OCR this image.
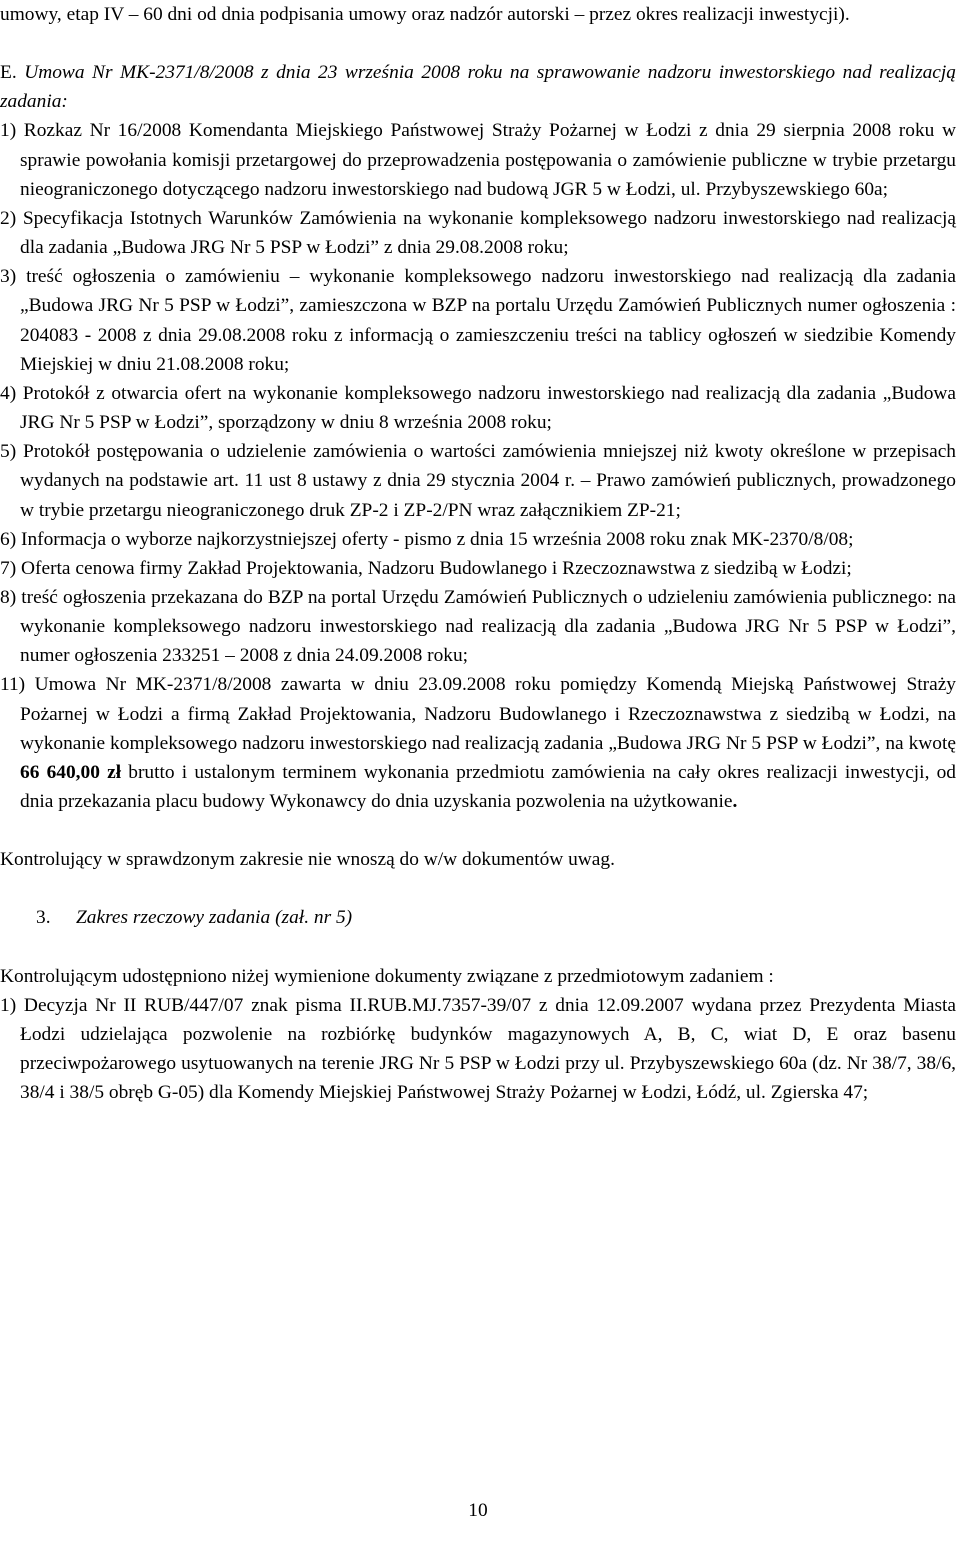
umowy, etap IV – 60 dni od dnia podpisania umowy oraz nadzór autorski – przez okres realizacji inwestycji).

E. Umowa Nr MK-2371/8/2008 z dnia 23 września 2008 roku na sprawowanie nadzoru inwestorskiego nad realizacją zadania:

1) Rozkaz Nr 16/2008 Komendanta Miejskiego Państwowej Straży Pożarnej w Łodzi z dnia 29 sierpnia 2008 roku w sprawie powołania komisji przetargowej do przeprowadzenia postępowania o zamówienie publiczne w trybie przetargu nieograniczonego dotyczącego nadzoru inwestorskiego nad budową JGR 5 w Łodzi, ul. Przybyszewskiego 60a;

2) Specyfikacja Istotnych Warunków Zamówienia na wykonanie kompleksowego nadzoru inwestorskiego nad realizacją dla zadania „Budowa JRG Nr 5 PSP w Łodzi” z dnia 29.08.2008 roku;

3) treść ogłoszenia o zamówieniu – wykonanie kompleksowego nadzoru inwestorskiego nad realizacją dla zadania „Budowa JRG Nr 5 PSP w Łodzi”, zamieszczona w BZP na portalu Urzędu Zamówień Publicznych numer ogłoszenia : 204083 - 2008 z dnia 29.08.2008 roku z informacją o zamieszczeniu treści na tablicy ogłoszeń w siedzibie Komendy Miejskiej w dniu 21.08.2008 roku;

4) Protokół z otwarcia ofert na wykonanie kompleksowego nadzoru inwestorskiego nad realizacją dla zadania „Budowa JRG Nr 5 PSP w Łodzi”, sporządzony w dniu 8 września 2008 roku;

5) Protokół postępowania o udzielenie zamówienia o wartości zamówienia mniejszej niż kwoty określone w przepisach wydanych na podstawie art. 11 ust 8 ustawy z dnia 29 stycznia 2004 r. – Prawo zamówień publicznych, prowadzonego w trybie przetargu nieograniczonego druk ZP-2 i ZP-2/PN wraz załącznikiem ZP-21;

6) Informacja o wyborze najkorzystniejszej oferty - pismo z dnia 15 września 2008 roku znak MK-2370/8/08;

7) Oferta cenowa firmy Zakład Projektowania, Nadzoru Budowlanego i Rzeczoznawstwa z siedzibą w Łodzi;

8) treść ogłoszenia przekazana do BZP na portal Urzędu Zamówień Publicznych o udzieleniu zamówienia publicznego: na wykonanie kompleksowego nadzoru inwestorskiego nad realizacją dla zadania „Budowa JRG Nr 5 PSP w Łodzi”, numer ogłoszenia 233251 – 2008 z dnia 24.09.2008 roku;

11) Umowa Nr MK-2371/8/2008 zawarta w dniu 23.09.2008 roku pomiędzy Komendą Miejską Państwowej Straży Pożarnej w Łodzi a firmą Zakład Projektowania, Nadzoru Budowlanego i Rzeczoznawstwa z siedzibą w Łodzi, na wykonanie kompleksowego nadzoru inwestorskiego nad realizacją zadania „Budowa JRG Nr 5 PSP w Łodzi”, na kwotę 66 640,00 zł brutto i ustalonym terminem wykonania przedmiotu zamówienia na cały okres realizacji inwestycji, od dnia przekazania placu budowy Wykonawcy do dnia uzyskania pozwolenia na użytkowanie.

Kontrolujący w sprawdzonym zakresie nie wnoszą do w/w dokumentów uwag.

3. Zakres rzeczowy zadania (zał. nr 5)

Kontrolującym udostępniono niżej wymienione dokumenty związane z przedmiotowym zadaniem :

1) Decyzja Nr II RUB/447/07 znak pisma II.RUB.MJ.7357-39/07 z dnia 12.09.2007 wydana przez Prezydenta Miasta Łodzi udzielająca pozwolenie na rozbiórkę budynków magazynowych A, B, C, wiat D, E oraz basenu przeciwpożarowego usytuowanych na terenie JRG Nr 5 PSP w Łodzi przy ul. Przybyszewskiego 60a (dz. Nr 38/7, 38/6, 38/4 i 38/5 obręb G-05) dla Komendy Miejskiej Państwowej Straży Pożarnej w Łodzi, Łódź, ul. Zgierska 47;

10
